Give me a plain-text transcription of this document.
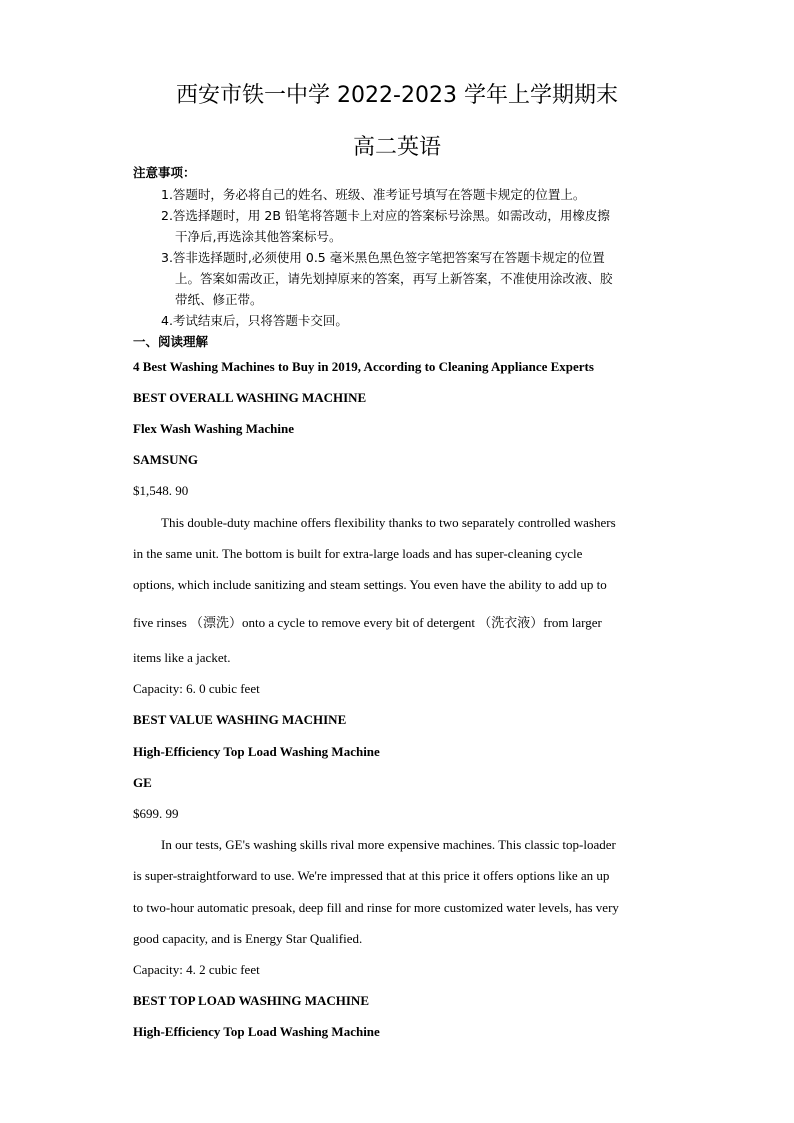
西安市铁一中学 2022-2023 学年上学期期末
高二英语
注意事项：
1.答题时，务必将自己的姓名、班级、准考证号填写在答题卡规定的位置上。
2.答选择题时，用 2B 铅笔将答题卡上对应的答案标号涂黑。如需改动，用橡皮擦
干净后,再选涂其他答案标号。
3.答非选择题时,必须使用 0.5 毫米黑色黑色签字笔把答案写在答题卡规定的位置
上。答案如需改正，请先划掉原来的答案，再写上新答案，不准使用涂改液、胶
带纸、修正带。
4.考试结束后，只将答题卡交回。
一、阅读理解
4 Best Washing Machines to Buy in 2019, According to Cleaning Appliance Experts
BEST OVERALL WASHING MACHINE
Flex Wash Washing Machine
SAMSUNG
$1,548. 90
This double-duty machine offers flexibility thanks to two separately controlled washers
in the same unit. The bottom is built for extra-large loads and has super-cleaning cycle
options, which include sanitizing and steam settings. You even have the ability to add up to
five rinses （漂洗）onto a cycle to remove every bit of detergent （洗衣液）from larger
items like a jacket.
Capacity: 6. 0 cubic feet
BEST VALUE WASHING MACHINE
High-Efficiency Top Load Washing Machine
GE
$699. 99
In our tests, GE's washing skills rival more expensive machines. This classic top-loader
is super-straightforward to use. We're impressed that at this price it offers options like an up
to two-hour automatic presoak, deep fill and rinse for more customized water levels, has very
good capacity, and is Energy Star Qualified.
Capacity: 4. 2 cubic feet
BEST TOP LOAD WASHING MACHINE
High-Efficiency Top Load Washing Machine
